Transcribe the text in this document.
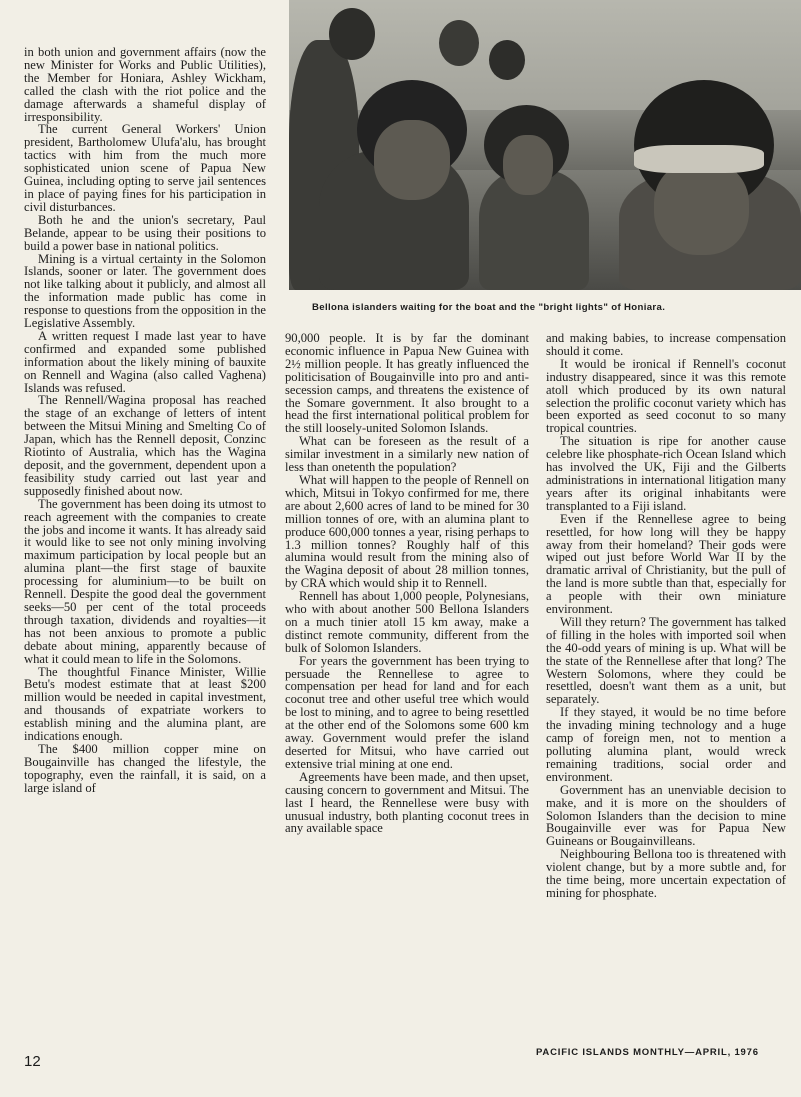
Bellona islanders waiting for the boat and the "bright lights" of Honiara.

in both union and government affairs (now the new Minister for Works and Public Utilities), the Member for Honiara, Ashley Wickham, called the clash with the riot police and the damage afterwards a shameful display of irresponsibility.

The current General Workers' Union president, Bartholomew Ulufa'alu, has brought tactics with him from the much more sophisticated union scene of Papua New Guinea, including opting to serve jail sentences in place of paying fines for his participation in civil disturbances.

Both he and the union's secretary, Paul Belande, appear to be using their positions to build a power base in national politics.

Mining is a virtual certainty in the Solomon Islands, sooner or later. The government does not like talking about it publicly, and almost all the information made public has come in response to questions from the opposition in the Legislative Assembly.

A written request I made last year to have confirmed and expanded some published information about the likely mining of bauxite on Rennell and Wagina (also called Vaghena) Islands was refused.

The Rennell/Wagina proposal has reached the stage of an exchange of letters of intent between the Mitsui Mining and Smelting Co of Japan, which has the Rennell deposit, Conzinc Riotinto of Australia, which has the Wagina deposit, and the government, dependent upon a feasibility study carried out last year and supposedly finished about now.

The government has been doing its utmost to reach agreement with the companies to create the jobs and income it wants. It has already said it would like to see not only mining involving maximum participation by local people but an alumina plant—the first stage of bauxite processing for aluminium—to be built on Rennell. Despite the good deal the government seeks—50 per cent of the total proceeds through taxation, dividends and royalties—it has not been anxious to promote a public debate about mining, apparently because of what it could mean to life in the Solomons.

The thoughtful Finance Minister, Willie Betu's modest estimate that at least $200 million would be needed in capital investment, and thousands of expatriate workers to establish mining and the alumina plant, are indications enough.

The $400 million copper mine on Bougainville has changed the lifestyle, the topography, even the rainfall, it is said, on a large island of

90,000 people. It is by far the dominant economic influence in Papua New Guinea with 2½ million people. It has greatly influenced the politicisation of Bougainville into pro and anti-secession camps, and threatens the existence of the Somare government. It also brought to a head the first international political problem for the still loosely-united Solomon Islands.

What can be foreseen as the result of a similar investment in a similarly new nation of less than onetenth the population?

What will happen to the people of Rennell on which, Mitsui in Tokyo confirmed for me, there are about 2,600 acres of land to be mined for 30 million tonnes of ore, with an alumina plant to produce 600,000 tonnes a year, rising perhaps to 1.3 million tonnes? Roughly half of this alumina would result from the mining also of the Wagina deposit of about 28 million tonnes, by CRA which would ship it to Rennell.

Rennell has about 1,000 people, Polynesians, who with about another 500 Bellona Islanders on a much tinier atoll 15 km away, make a distinct remote community, different from the bulk of Solomon Islanders.

For years the government has been trying to persuade the Rennellese to agree to compensation per head for land and for each coconut tree and other useful tree which would be lost to mining, and to agree to being resettled at the other end of the Solomons some 600 km away. Government would prefer the island deserted for Mitsui, who have carried out extensive trial mining at one end.

Agreements have been made, and then upset, causing concern to government and Mitsui. The last I heard, the Rennellese were busy with unusual industry, both planting coconut trees in any available space

and making babies, to increase compensation should it come.

It would be ironical if Rennell's coconut industry disappeared, since it was this remote atoll which produced by its own natural selection the prolific coconut variety which has been exported as seed coconut to so many tropical countries.

The situation is ripe for another cause celebre like phosphate-rich Ocean Island which has involved the UK, Fiji and the Gilberts administrations in international litigation many years after its original inhabitants were transplanted to a Fiji island.

Even if the Rennellese agree to being resettled, for how long will they be happy away from their homeland? Their gods were wiped out just before World War II by the dramatic arrival of Christianity, but the pull of the land is more subtle than that, especially for a people with their own miniature environment.

Will they return? The government has talked of filling in the holes with imported soil when the 40-odd years of mining is up. What will be the state of the Rennellese after that long? The Western Solomons, where they could be resettled, doesn't want them as a unit, but separately.

If they stayed, it would be no time before the invading mining technology and a huge camp of foreign men, not to mention a polluting alumina plant, would wreck remaining traditions, social order and environment.

Government has an unenviable decision to make, and it is more on the shoulders of Solomon Islanders than the decision to mine Bougainville ever was for Papua New Guineans or Bougainvilleans.

Neighbouring Bellona too is threatened with violent change, but by a more subtle and, for the time being, more uncertain expectation of mining for phosphate.

12
PACIFIC ISLANDS MONTHLY—APRIL, 1976
